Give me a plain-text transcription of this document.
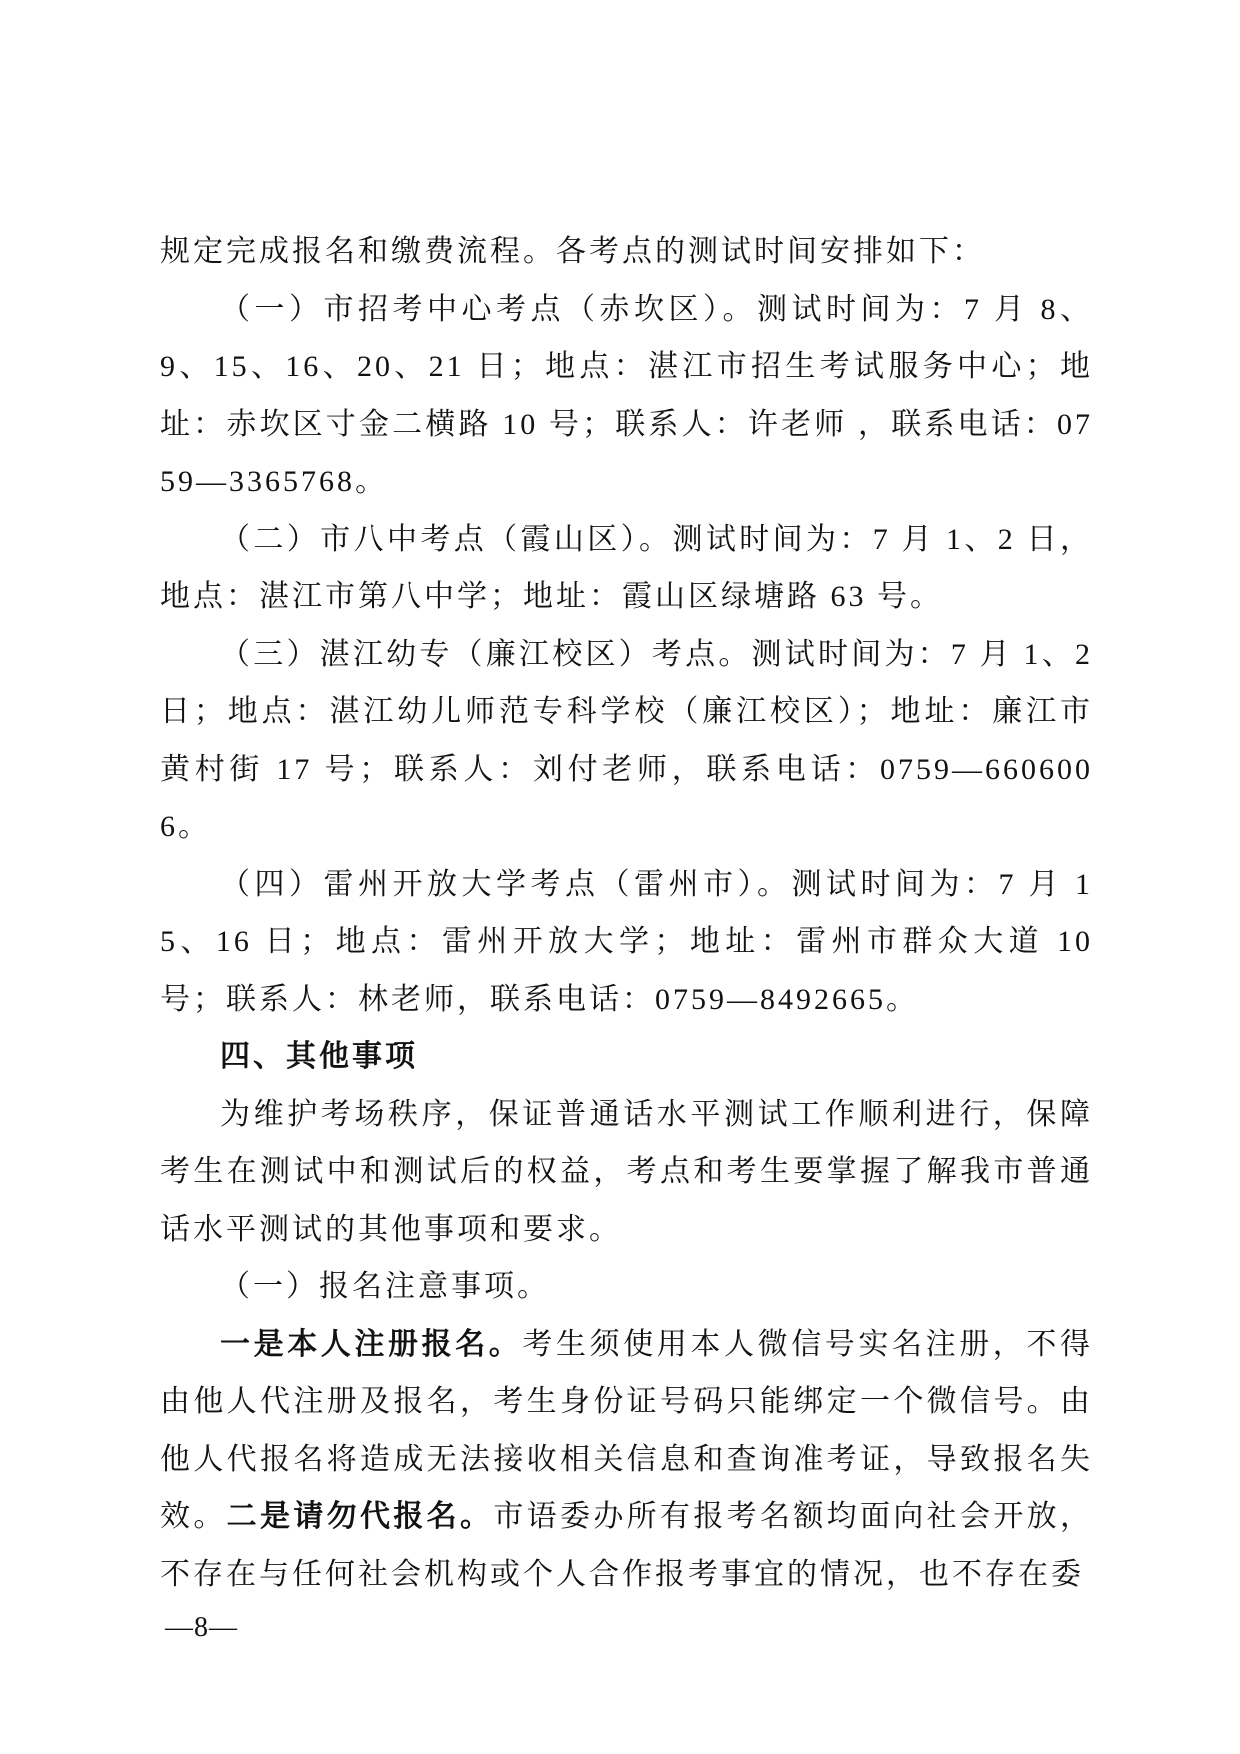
规定完成报名和缴费流程。各考点的测试时间安排如下：

（一）市招考中心考点（赤坎区）。测试时间为：7 月 8、9、15、16、20、21 日；地点：湛江市招生考试服务中心；地址：赤坎区寸金二横路 10 号；联系人：许老师 ，联系电话：0759—3365768。

（二）市八中考点（霞山区）。测试时间为：7 月 1、2 日，地点：湛江市第八中学；地址：霞山区绿塘路 63 号。

（三）湛江幼专（廉江校区）考点。测试时间为：7 月 1、2 日；地点：湛江幼儿师范专科学校（廉江校区）；地址：廉江市黄村街 17 号；联系人：刘付老师，联系电话：0759—6606006。

（四）雷州开放大学考点（雷州市）。测试时间为：7 月 15、16 日；地点：雷州开放大学；地址：雷州市群众大道 10 号；联系人：林老师，联系电话：0759—8492665。

四、其他事项

为维护考场秩序，保证普通话水平测试工作顺利进行，保障考生在测试中和测试后的权益，考点和考生要掌握了解我市普通话水平测试的其他事项和要求。

（一）报名注意事项。

一是本人注册报名。考生须使用本人微信号实名注册，不得由他人代注册及报名，考生身份证号码只能绑定一个微信号。由他人代报名将造成无法接收相关信息和查询准考证，导致报名失效。二是请勿代报名。市语委办所有报考名额均面向社会开放，不存在与任何社会机构或个人合作报考事宜的情况，也不存在委

—8—
